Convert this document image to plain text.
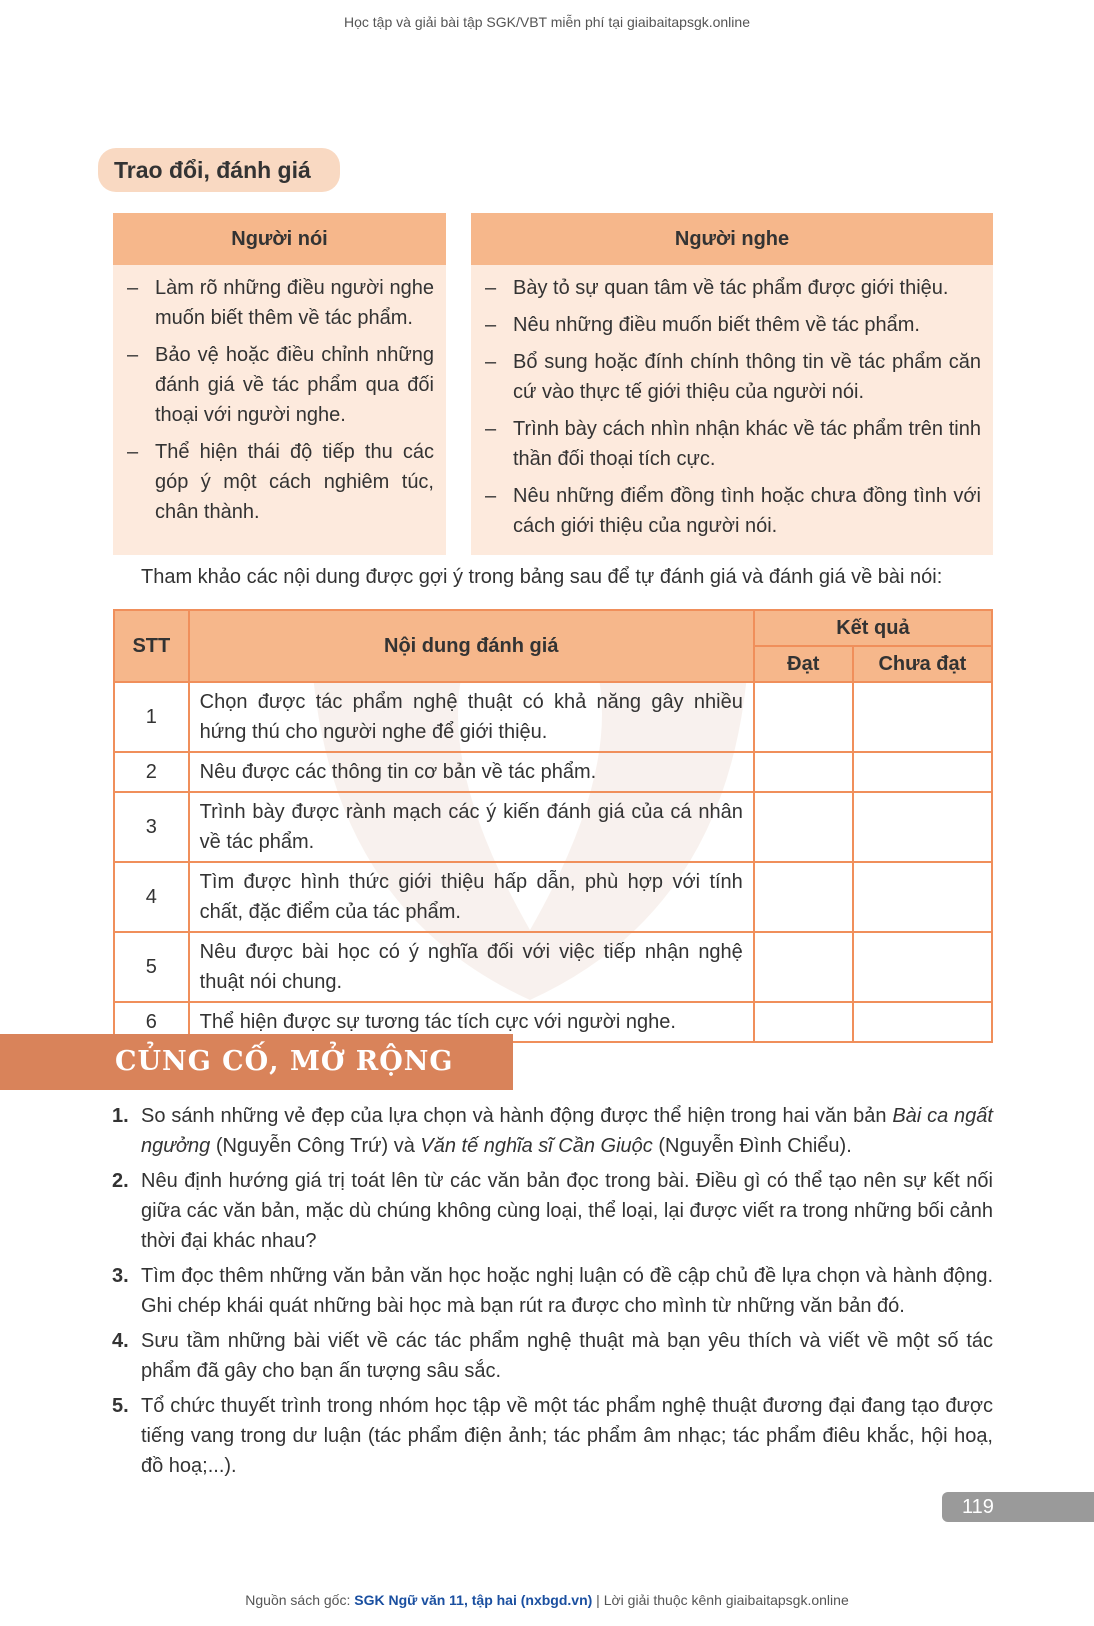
Học tập và giải bài tập SGK/VBT miễn phí tại giaibaitapsgk.online
Trao đổi, đánh giá
Người nói
– Làm rõ những điều người nghe muốn biết thêm về tác phẩm.
– Bảo vệ hoặc điều chỉnh những đánh giá về tác phẩm qua đối thoại với người nghe.
– Thể hiện thái độ tiếp thu các góp ý một cách nghiêm túc, chân thành.
Người nghe
– Bày tỏ sự quan tâm về tác phẩm được giới thiệu.
– Nêu những điều muốn biết thêm về tác phẩm.
– Bổ sung hoặc đính chính thông tin về tác phẩm căn cứ vào thực tế giới thiệu của người nói.
– Trình bày cách nhìn nhận khác về tác phẩm trên tinh thần đối thoại tích cực.
– Nêu những điểm đồng tình hoặc chưa đồng tình với cách giới thiệu của người nói.
Tham khảo các nội dung được gợi ý trong bảng sau để tự đánh giá và đánh giá về bài nói:
STT	Nội dung đánh giá	Kết quả	
		Đạt	Chưa đạt
1	Chọn được tác phẩm nghệ thuật có khả năng gây nhiều hứng thú cho người nghe để giới thiệu.		
2	Nêu được các thông tin cơ bản về tác phẩm.		
3	Trình bày được rành mạch các ý kiến đánh giá của cá nhân về tác phẩm.		
4	Tìm được hình thức giới thiệu hấp dẫn, phù hợp với tính chất, đặc điểm của tác phẩm.		
5	Nêu được bài học có ý nghĩa đối với việc tiếp nhận nghệ thuật nói chung.		
6	Thể hiện được sự tương tác tích cực với người nghe.		
CỦNG CỐ, MỞ RỘNG
1. So sánh những vẻ đẹp của lựa chọn và hành động được thể hiện trong hai văn bản Bài ca ngất ngưởng (Nguyễn Công Trứ) và Văn tế nghĩa sĩ Cần Giuộc (Nguyễn Đình Chiểu).
2. Nêu định hướng giá trị toát lên từ các văn bản đọc trong bài. Điều gì có thể tạo nên sự kết nối giữa các văn bản, mặc dù chúng không cùng loại, thể loại, lại được viết ra trong những bối cảnh thời đại khác nhau?
3. Tìm đọc thêm những văn bản văn học hoặc nghị luận có đề cập chủ đề lựa chọn và hành động. Ghi chép khái quát những bài học mà bạn rút ra được cho mình từ những văn bản đó.
4. Sưu tầm những bài viết về các tác phẩm nghệ thuật mà bạn yêu thích và viết về một số tác phẩm đã gây cho bạn ấn tượng sâu sắc.
5. Tổ chức thuyết trình trong nhóm học tập về một tác phẩm nghệ thuật đương đại đang tạo được tiếng vang trong dư luận (tác phẩm điện ảnh; tác phẩm âm nhạc; tác phẩm điêu khắc, hội hoạ, đồ hoạ;...).
119
Nguồn sách gốc: SGK Ngữ văn 11, tập hai (nxbgd.vn) | Lời giải thuộc kênh giaibaitapsgk.online
